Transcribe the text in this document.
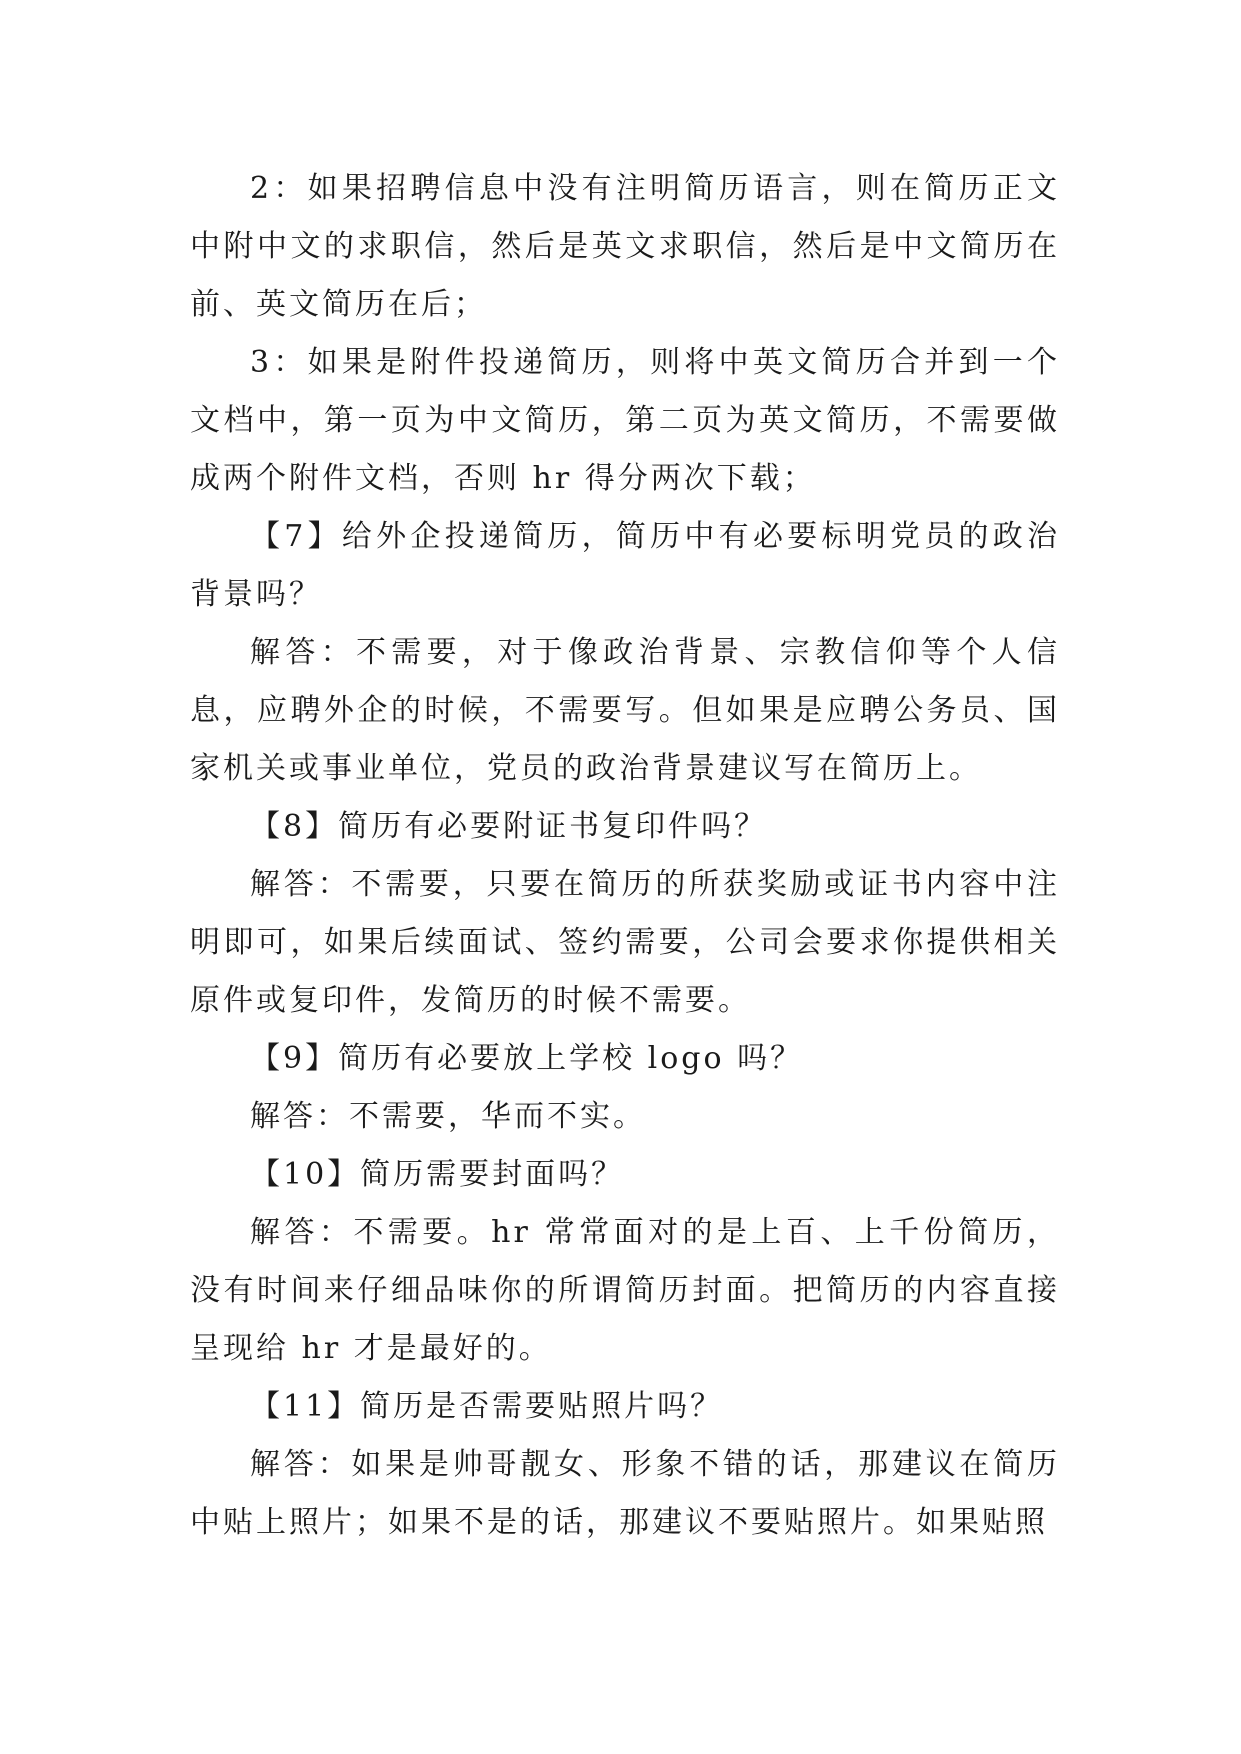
2：如果招聘信息中没有注明简历语言，则在简历正文中附中文的求职信，然后是英文求职信，然后是中文简历在前、英文简历在后；

3：如果是附件投递简历，则将中英文简历合并到一个文档中，第一页为中文简历，第二页为英文简历，不需要做成两个附件文档，否则 hr 得分两次下载；

【7】给外企投递简历，简历中有必要标明党员的政治背景吗？

解答：不需要，对于像政治背景、宗教信仰等个人信息，应聘外企的时候，不需要写。但如果是应聘公务员、国家机关或事业单位，党员的政治背景建议写在简历上。

【8】简历有必要附证书复印件吗？

解答：不需要，只要在简历的所获奖励或证书内容中注明即可，如果后续面试、签约需要，公司会要求你提供相关原件或复印件，发简历的时候不需要。

【9】简历有必要放上学校 logo 吗？

解答：不需要，华而不实。

【10】简历需要封面吗？

解答：不需要。hr 常常面对的是上百、上千份简历，没有时间来仔细品味你的所谓简历封面。把简历的内容直接呈现给 hr 才是最好的。

【11】简历是否需要贴照片吗？

解答：如果是帅哥靓女、形象不错的话，那建议在简历中贴上照片；如果不是的话，那建议不要贴照片。如果贴照
